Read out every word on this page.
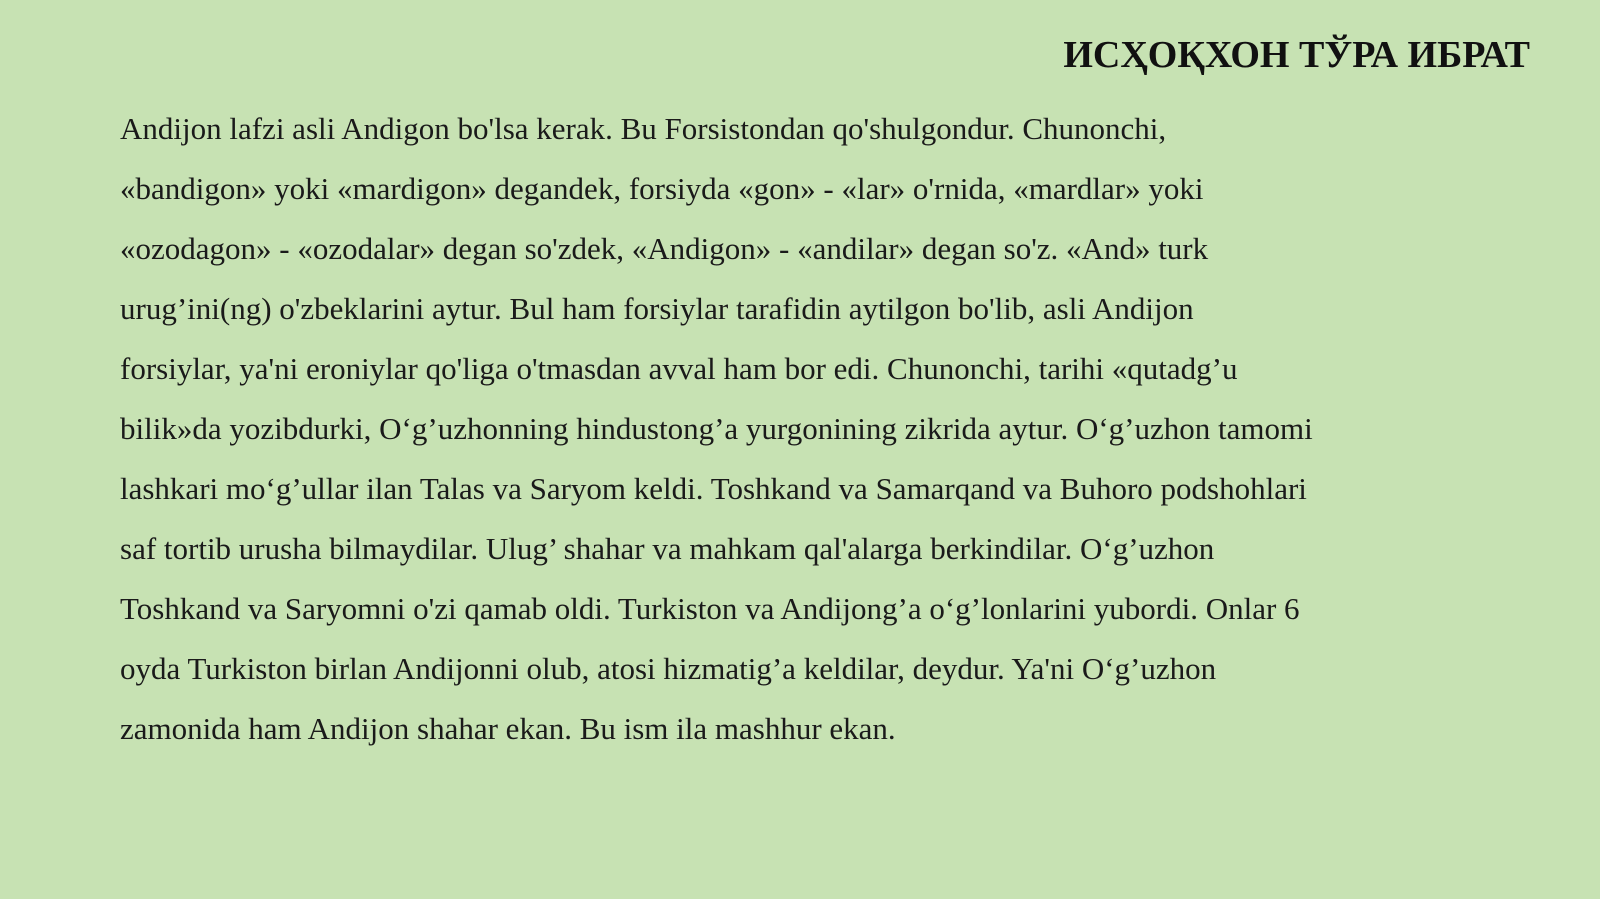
ИСҲОҚХОН ТЎРА ИБРАТ
Andijon lafzi asli Andigon bo'lsa kerak. Bu Forsistondan qo'shulgondur. Chunonchi,
«bandigon» yoki «mardigon» degandek, forsiyda «gon» - «lar» o'rnida, «mardlar» yoki
«ozodagon» - «ozodalar» degan so'zdek, «Andigon» - «andilar» degan so'z. «And» turk
urug’ini(ng) o'zbeklarini aytur. Bul ham forsiylar tarafidin aytilgon bo'lib, asli Andijon
forsiylar, ya'ni eroniylar qo'liga o'tmasdan avval ham bor edi. Chunonchi, tarihi «qutadg’u
bilik»da yozibdurki, O‘g’uzhonning hindustong’a yurgonining zikrida aytur. O‘g’uzhon tamomi
lashkari mo‘g’ullar ilan Talas va Saryom keldi. Toshkand va Samarqand va Buhoro podshohlari
saf tortib urusha bilmaydilar. Ulug’ shahar va mahkam qal'alarga berkindilar. O‘g’uzhon
Toshkand va Saryomni o'zi qamab oldi. Turkiston va Andijong’a o‘g’lonlarini yubordi. Onlar 6
oyda Turkiston birlan Andijonni olub, atosi hizmatig’a keldilar, deydur. Ya'ni O‘g’uzhon
zamonida ham Andijon shahar ekan. Bu ism ila mashhur ekan.
